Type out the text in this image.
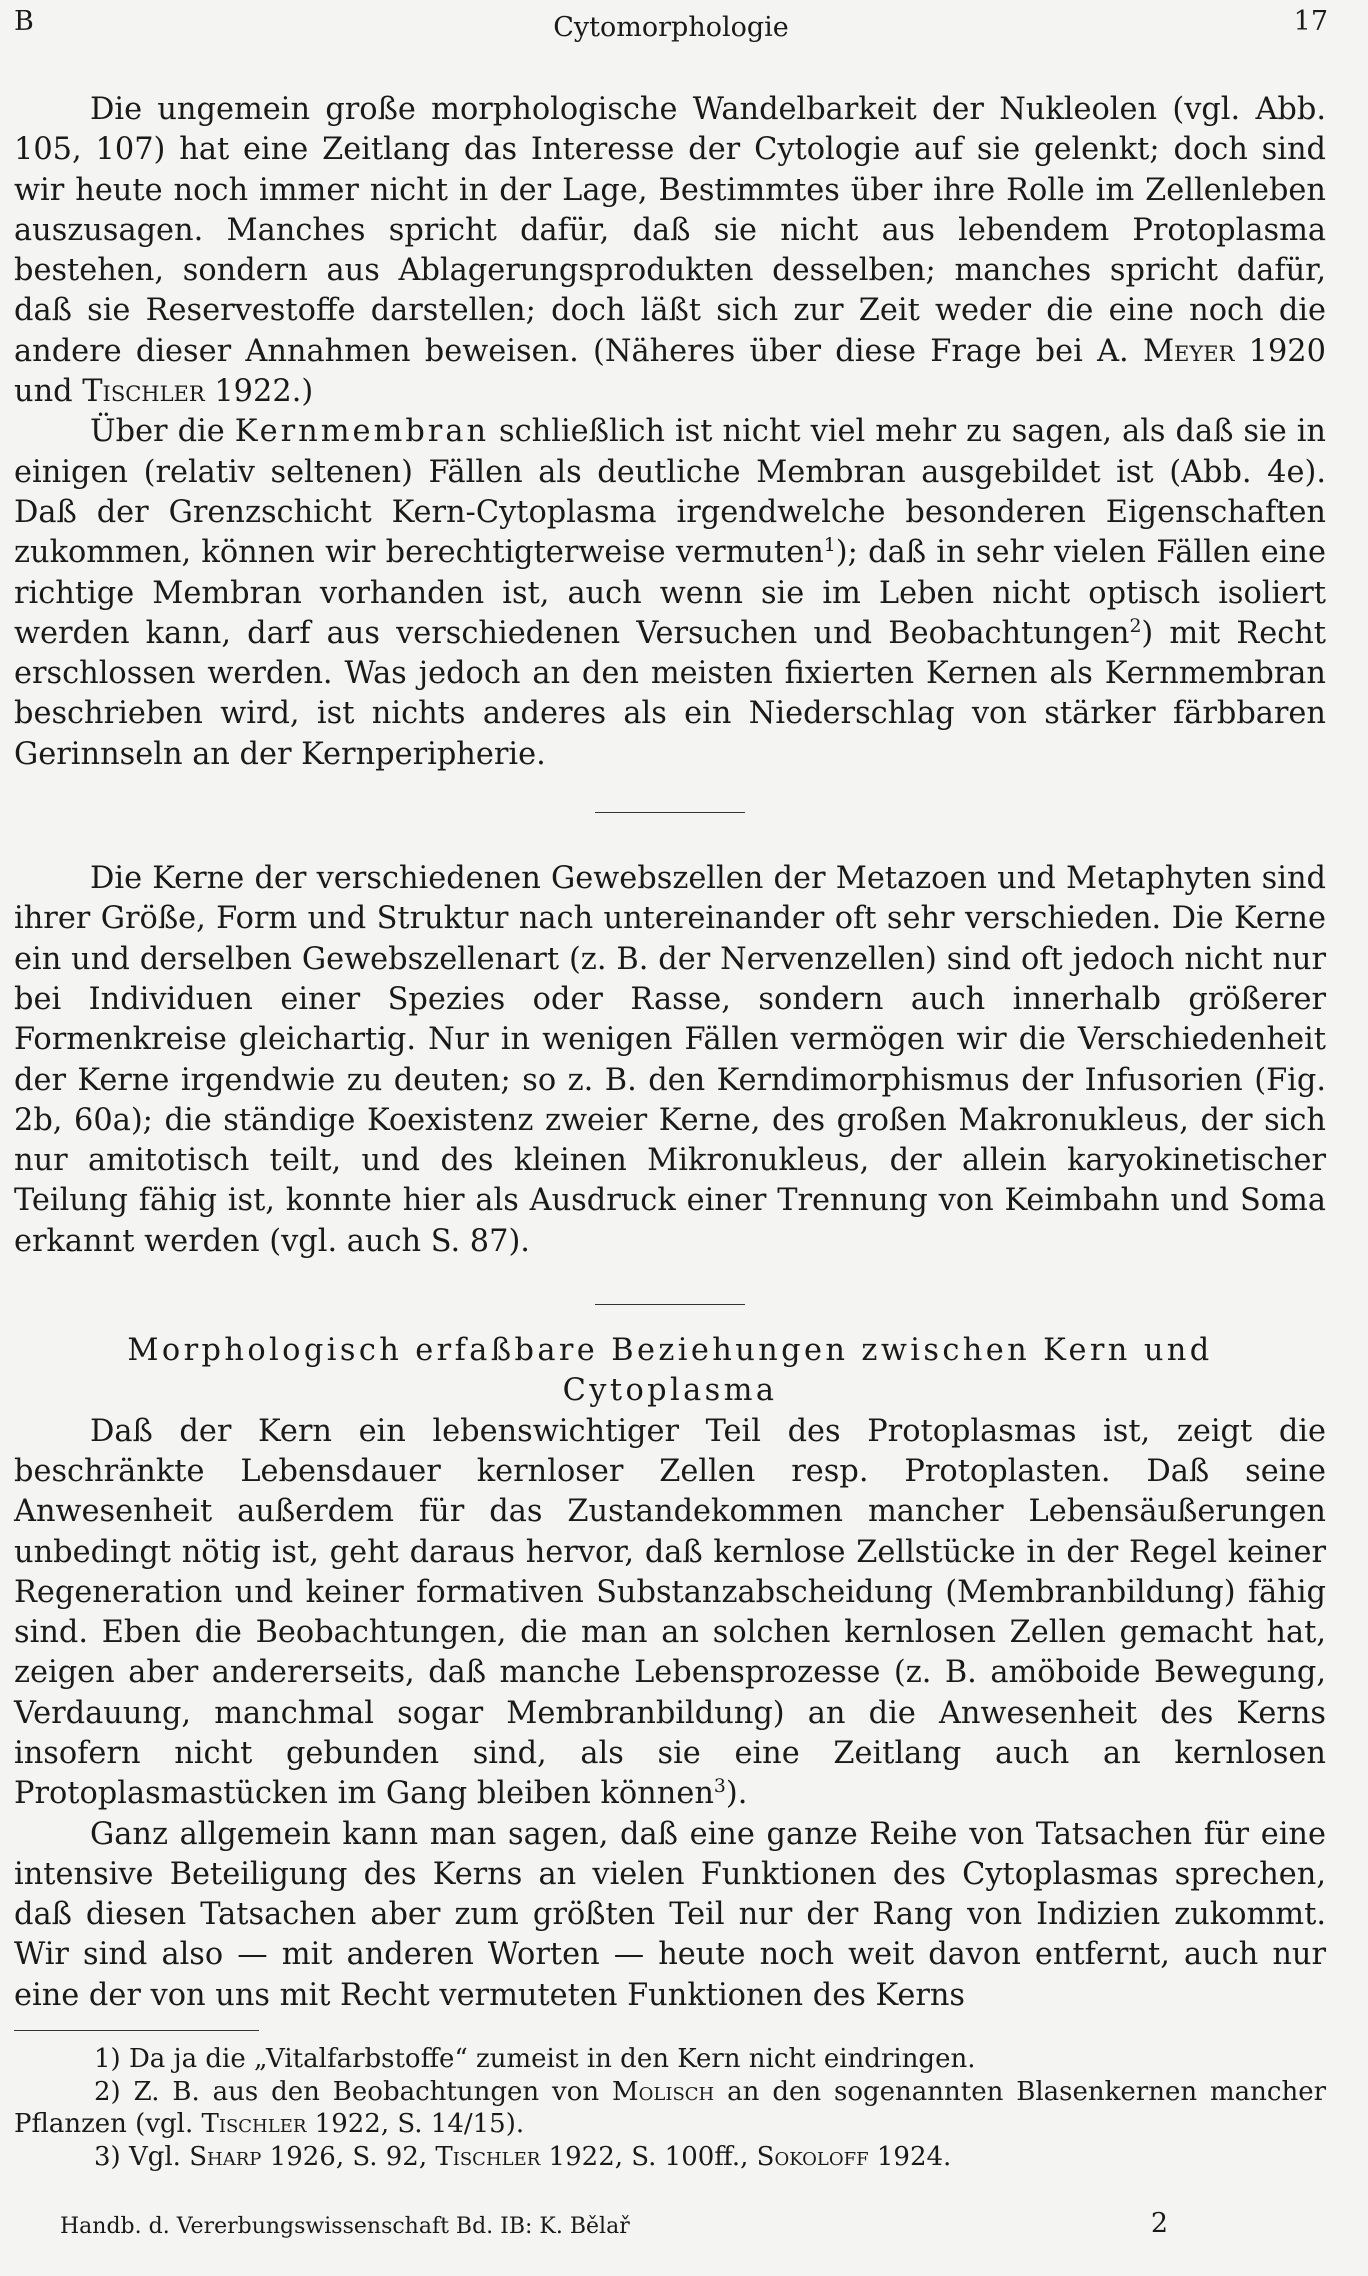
B	Cytomorphologie	17

Die ungemein große morphologische Wandelbarkeit der Nukleolen (vgl. Abb. 105, 107) hat eine Zeitlang das Interesse der Cytologie auf sie gelenkt; doch sind wir heute noch immer nicht in der Lage, Bestimmtes über ihre Rolle im Zellenleben auszusagen. Manches spricht dafür, daß sie nicht aus lebendem Protoplasma bestehen, sondern aus Ablagerungsprodukten desselben; manches spricht dafür, daß sie Reservestoffe darstellen; doch läßt sich zur Zeit weder die eine noch die andere dieser Annahmen beweisen. (Näheres über diese Frage bei A. Meyer 1920 und Tischler 1922.)

Über die Kernmembran schließlich ist nicht viel mehr zu sagen, als daß sie in einigen (relativ seltenen) Fällen als deutliche Membran ausgebildet ist (Abb. 4e). Daß der Grenzschicht Kern-Cytoplasma irgendwelche besonderen Eigenschaften zukommen, können wir berechtigterweise vermuten$^1$); daß in sehr vielen Fällen eine richtige Membran vorhanden ist, auch wenn sie im Leben nicht optisch isoliert werden kann, darf aus verschiedenen Versuchen und Beobachtungen$^2$) mit Recht erschlossen werden. Was jedoch an den meisten fixierten Kernen als Kernmembran beschrieben wird, ist nichts anderes als ein Niederschlag von stärker färbbaren Gerinnseln an der Kernperipherie.

Die Kerne der verschiedenen Gewebszellen der Metazoen und Metaphyten sind ihrer Größe, Form und Struktur nach untereinander oft sehr verschieden. Die Kerne ein und derselben Gewebszellenart (z. B. der Nervenzellen) sind oft jedoch nicht nur bei Individuen einer Spezies oder Rasse, sondern auch innerhalb größerer Formenkreise gleichartig. Nur in wenigen Fällen vermögen wir die Verschiedenheit der Kerne irgendwie zu deuten; so z. B. den Kerndimorphismus der Infusorien (Fig. 2b, 60a); die ständige Koexistenz zweier Kerne, des großen Makronukleus, der sich nur amitotisch teilt, und des kleinen Mikronukleus, der allein karyokinetischer Teilung fähig ist, konnte hier als Ausdruck einer Trennung von Keimbahn und Soma erkannt werden (vgl. auch S. 87).

Morphologisch erfaßbare Beziehungen zwischen Kern und

Cytoplasma

Daß der Kern ein lebenswichtiger Teil des Protoplasmas ist, zeigt die beschränkte Lebensdauer kernloser Zellen resp. Protoplasten. Daß seine Anwesenheit außerdem für das Zustandekommen mancher Lebensäußerungen unbedingt nötig ist, geht daraus hervor, daß kernlose Zellstücke in der Regel keiner Regeneration und keiner formativen Substanzabscheidung (Membranbildung) fähig sind. Eben die Beobachtungen, die man an solchen kernlosen Zellen gemacht hat, zeigen aber andererseits, daß manche Lebensprozesse (z. B. amöboide Bewegung, Verdauung, manchmal sogar Membranbildung) an die Anwesenheit des Kerns insofern nicht gebunden sind, als sie eine Zeitlang auch an kernlosen Protoplasmastücken im Gang bleiben können$^3$).

Ganz allgemein kann man sagen, daß eine ganze Reihe von Tatsachen für eine intensive Beteiligung des Kerns an vielen Funktionen des Cytoplasmas sprechen, daß diesen Tatsachen aber zum größten Teil nur der Rang von Indizien zukommt. Wir sind also — mit anderen Worten — heute noch weit davon entfernt, auch nur eine der von uns mit Recht vermuteten Funktionen des Kerns

1) Da ja die „Vitalfarbstoffe“ zumeist in den Kern nicht eindringen.

2) Z. B. aus den Beobachtungen von Molisch an den sogenannten Blasenkernen mancher Pflanzen (vgl. Tischler 1922, S. 14/15).

3) Vgl. Sharp 1926, S. 92, Tischler 1922, S. 100ff., Sokoloff 1924.

Handb. d. Vererbungswissenschaft Bd. IB: K. Bělař	2
